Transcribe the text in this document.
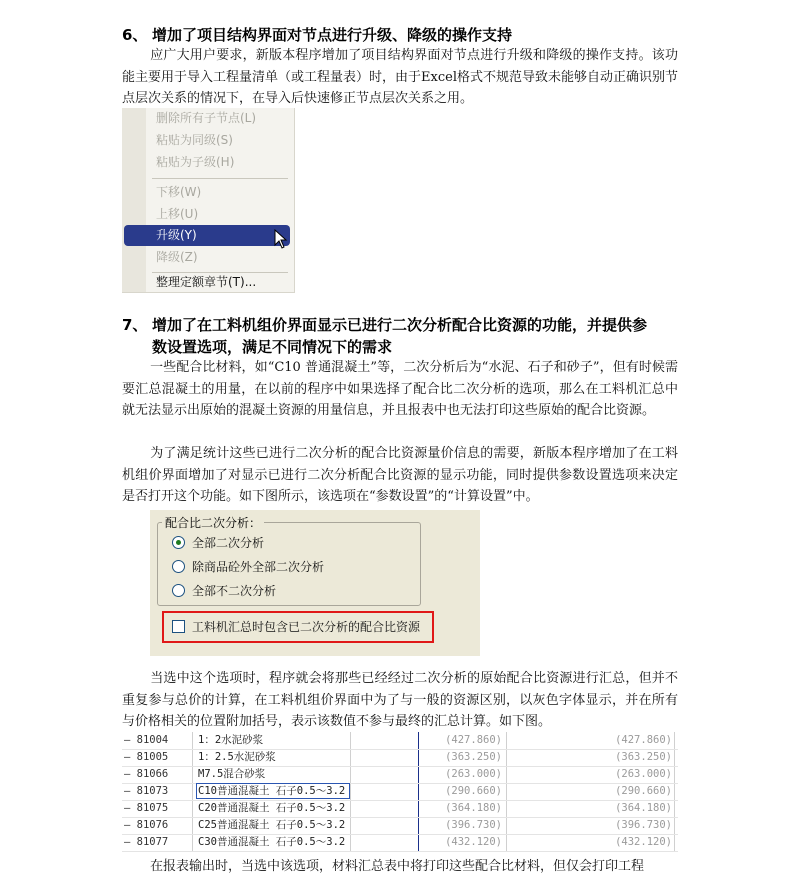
6、 增加了项目结构界面对节点进行升级、降级的操作支持

应广大用户要求，新版本程序增加了项目结构界面对节点进行升级和降级的操作支持。该功能主要用于导入工程量清单（或工程量表）时，由于Excel格式不规范导致未能够自动正确识别节点层次关系的情况下，在导入后快速修正节点层次关系之用。

删除所有子节点(L)
粘贴为同级(S)
粘贴为子级(H)
下移(W)
上移(U)
升级(Y)
降级(Z)
整理定额章节(T)...
7、 增加了在工料机组价界面显示已进行二次分析配合比资源的功能，并提供参
数设置选项，满足不同情况下的需求

一些配合比材料，如“C10 普通混凝土”等，二次分析后为“水泥、石子和砂子”，但有时候需要汇总混凝土的用量，在以前的程序中如果选择了配合比二次分析的选项，那么在工料机汇总中就无法显示出原始的混凝土资源的用量信息，并且报表中也无法打印这些原始的配合比资源。

为了满足统计这些已进行二次分析的配合比资源量价信息的需要，新版本程序增加了在工料机组价界面增加了对显示已进行二次分析配合比资源的显示功能，同时提供参数设置选项来决定是否打开这个功能。如下图所示，该选项在“参数设置”的“计算设置”中。

配合比二次分析：
全部二次分析
除商品砼外全部二次分析
全部不二次分析
工料机汇总时包含已二次分析的配合比资源

当选中这个选项时，程序就会将那些已经经过二次分析的原始配合比资源进行汇总，但并不重复参与总价的计算，在工料机组价界面中为了与一般的资源区别，以灰色字体显示，并在所有与价格相关的位置附加括号，表示该数值不参与最终的汇总计算。如下图。

— 81004	1：2水泥砂浆	(427.860)	(427.860)
— 81005	1：2.5水泥砂浆	(363.250)	(363.250)
— 81066	M7.5混合砂浆	(263.000)	(263.000)
— 81073	C10普通混凝土 石子0.5～3.2	(290.660)	(290.660)
— 81075	C20普通混凝土 石子0.5～3.2	(364.180)	(364.180)
— 81076	C25普通混凝土 石子0.5～3.2	(396.730)	(396.730)
— 81077	C30普通混凝土 石子0.5～3.2	(432.120)	(432.120)

在报表输出时，当选中该选项，材料汇总表中将打印这些配合比材料，但仅会打印工程
